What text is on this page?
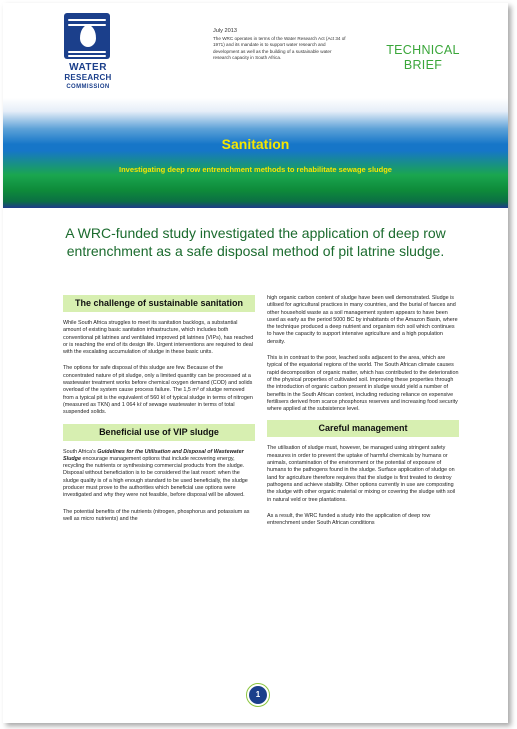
WATER
RESEARCH
COMMISSION
July 2013
The WRC operates in terms of the Water Research Act (Act 34 of 1971) and its mandate is to support water research and development as well as the building of a sustainable water research capacity in South Africa.
TECHNICAL
BRIEF
Sanitation
Investigating deep row entrenchment methods to rehabilitate sewage sludge
A WRC-funded study investigated the application of deep row entrenchment as a safe disposal method of pit latrine sludge.
The challenge of sustainable sanitation

While South Africa struggles to meet its sanitation backlogs, a substantial amount of existing basic sanitation infrastructure, which includes both conventional pit latrines and ventilated improved pit latrines (VIPs), has reached or is reaching the end of its design life. Urgent interventions are required to deal with the escalating accumulation of sludge in these basic units.

The options for safe disposal of this sludge are few. Because of the concentrated nature of pit sludge, only a limited quantity can be processed at a wastewater treatment works before chemical oxygen demand (COD) and solids overload of the system cause process failure. The 1,5 m³ of sludge removed from a typical pit is the equivalent of 560 kℓ of typical sludge in terms of nitrogen (measured as TKN) and 1 064 kℓ of sewage wastewater in terms of total suspended solids.

Beneficial use of VIP sludge

South Africa's Guidelines for the Utilisation and Disposal of Wastewater Sludge encourage management options that include recovering energy, recycling the nutrients or synthesising commercial products from the sludge. Disposal without beneficiation is to be considered the last resort: when the sludge quality is of a high enough standard to be used beneficially, the sludge producer must prove to the authorities which beneficial use options were investigated and why they were not feasible, before disposal will be allowed.

The potential benefits of the nutrients (nitrogen, phosphorus and potassium as well as micro nutrients) and the

high organic carbon content of sludge have been well demonstrated. Sludge is utilised for agricultural practices in many countries, and the burial of faeces and other household waste as a soil management system appears to have been used as early as the period 5000 BC by inhabitants of the Amazon Basin, where the technique produced a deep nutrient and organism rich soil which continues to have the capacity to support intensive agriculture and a high population density.

This is in contrast to the poor, leached soils adjacent to the area, which are typical of the equatorial regions of the world. The South African climate causes rapid decomposition of organic matter, which has contributed to the deterioration of the physical properties of cultivated soil. Improving these properties through the introduction of organic carbon present in sludge would yield a number of benefits in the South African context, including reducing reliance on expensive fertilisers derived from scarce phosphorus reserves and increasing food security where applied at the subsistence level.

Careful management

The utilisation of sludge must, however, be managed using stringent safety measures in order to prevent the uptake of harmful chemicals by humans or animals, contamination of the environment or the potential of exposure of humans to the pathogens found in the sludge. Surface application of sludge on land for agriculture therefore requires that the sludge is first treated to destroy pathogens and achieve stability. Other options currently in use are composting the sludge with other organic material or mixing or covering the sludge with soil in natural veld or tree plantations.

As a result, the WRC funded a study into the application of deep row entrenchment under South African conditions

1
